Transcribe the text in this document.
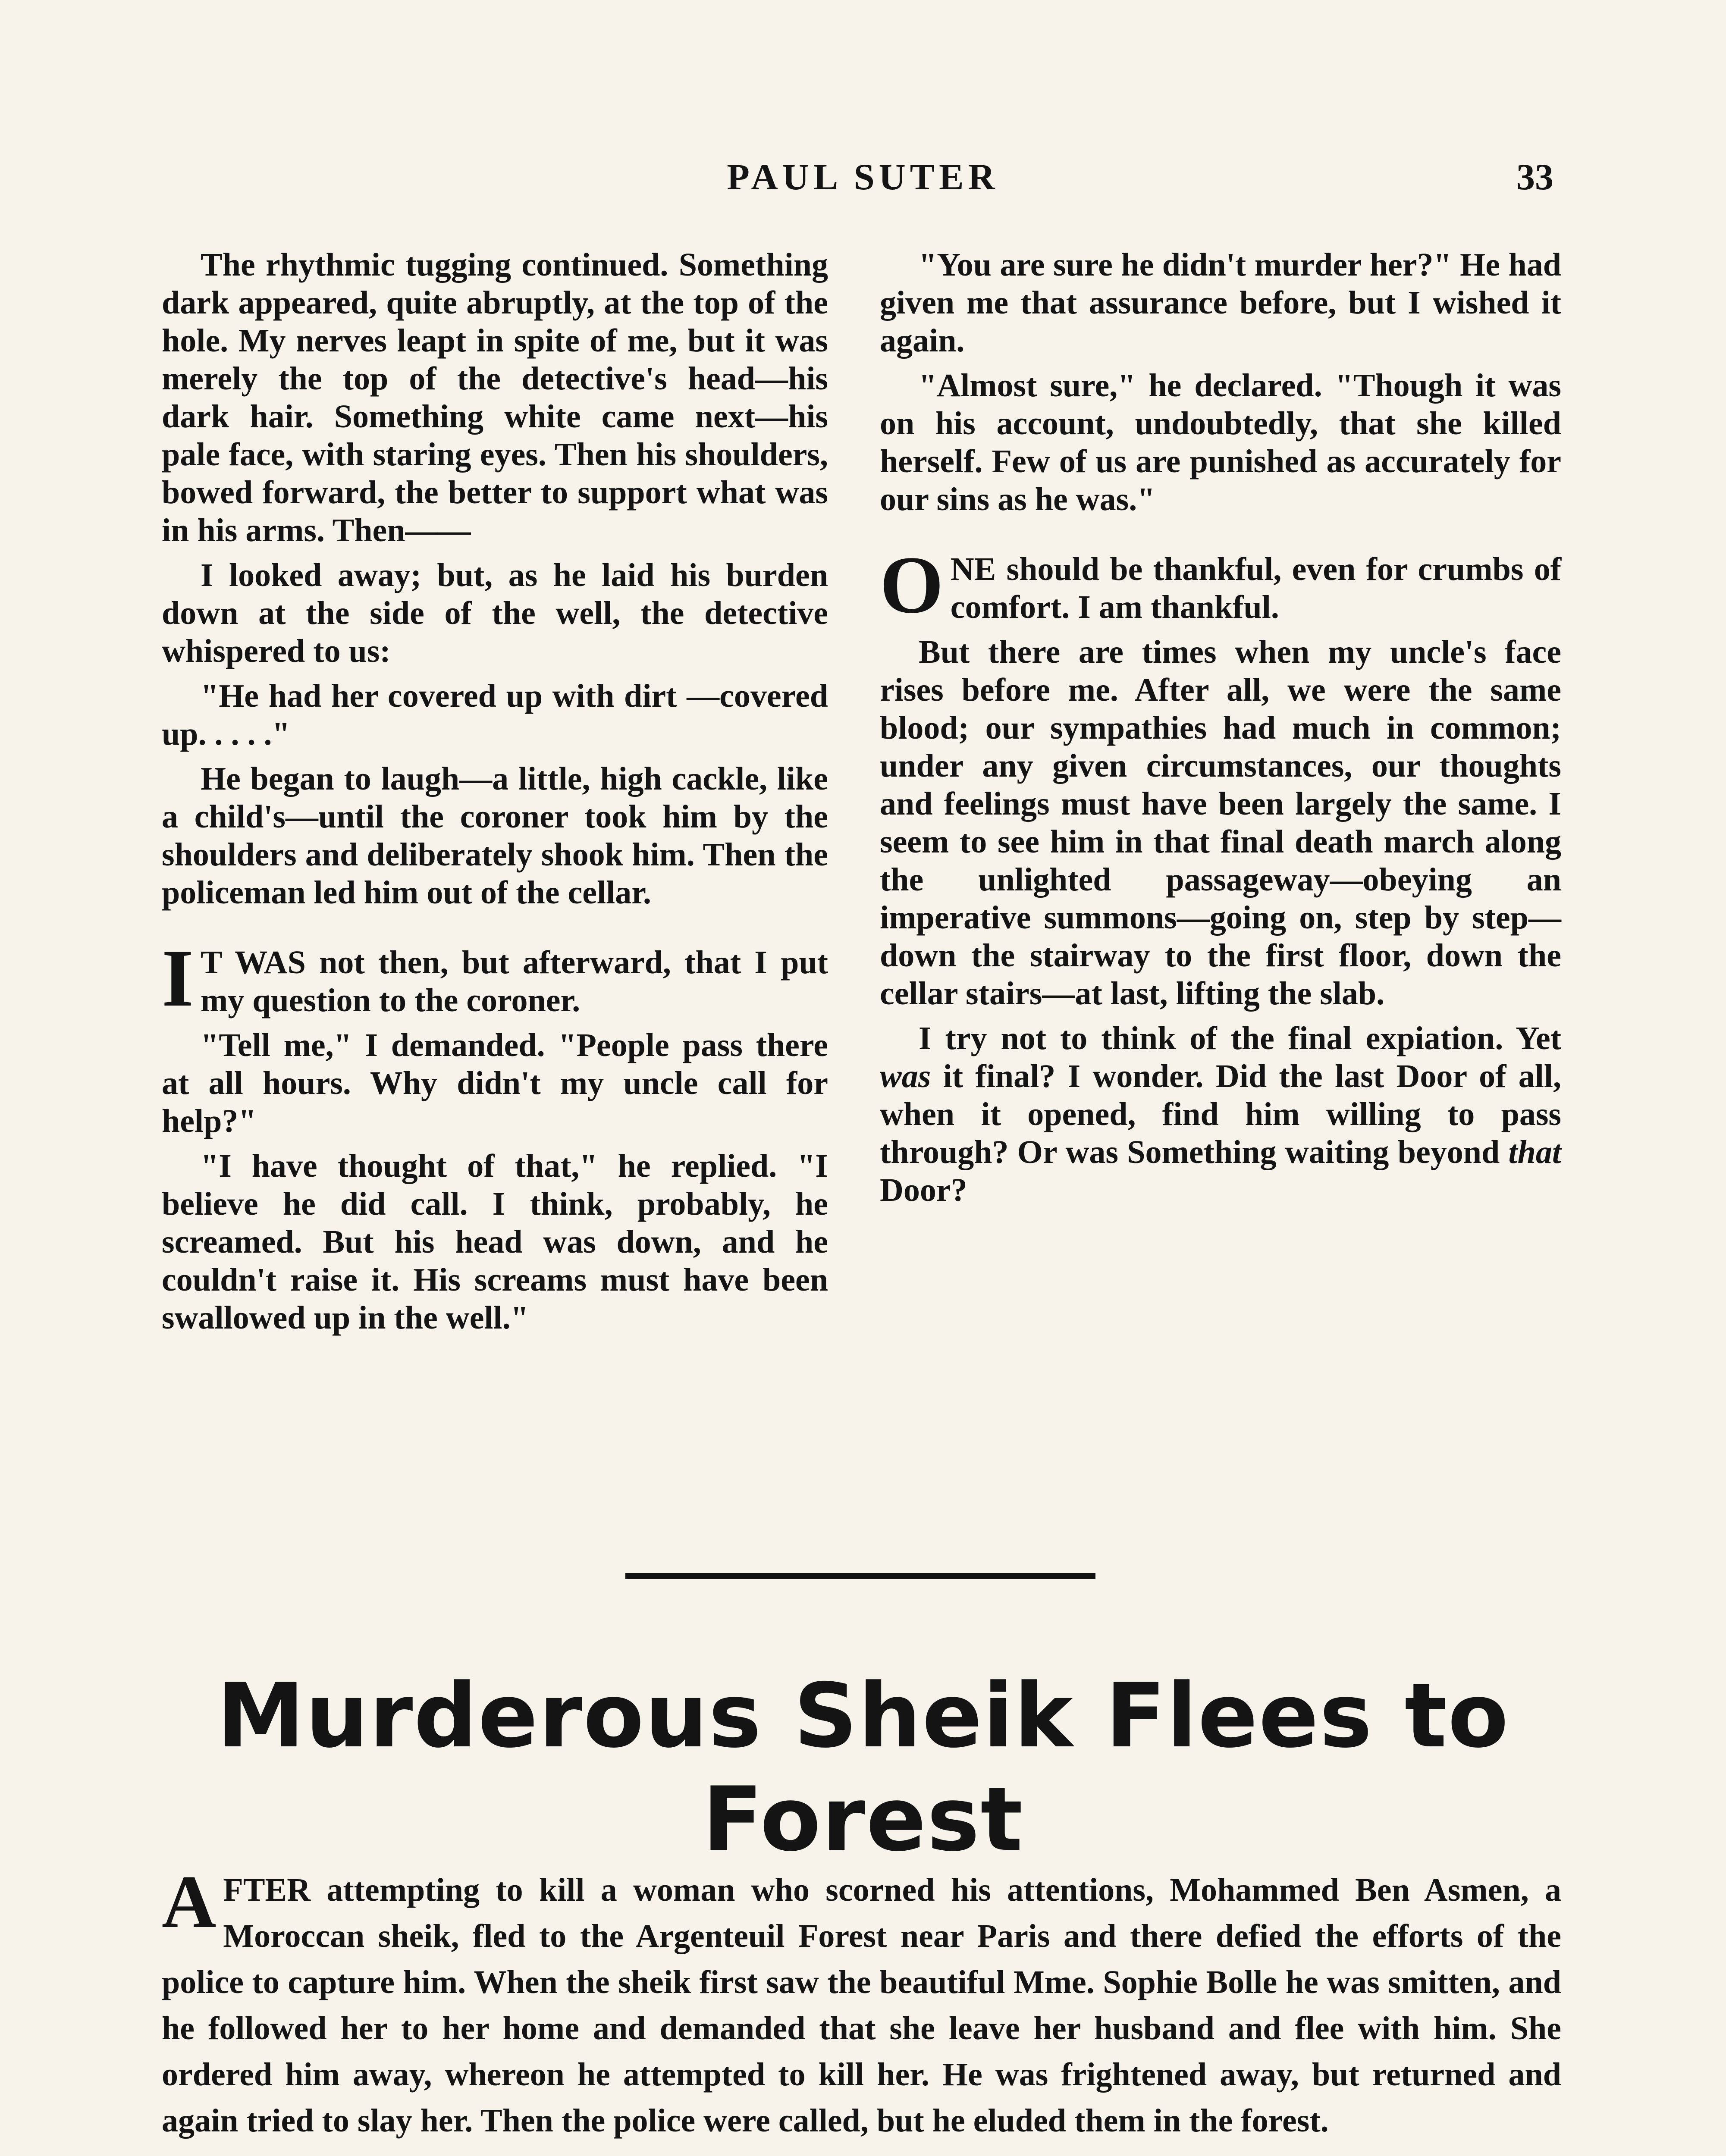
PAUL SUTER	33

The rhythmic tugging continued. Something dark appeared, quite abruptly, at the top of the hole. My nerves leapt in spite of me, but it was merely the top of the detective's head—his dark hair. Something white came next—his pale face, with staring eyes. Then his shoulders, bowed forward, the better to support what was in his arms. Then——

I looked away; but, as he laid his burden down at the side of the well, the detective whispered to us:

"He had her covered up with dirt —covered up. . . . ."

He began to laugh—a little, high cackle, like a child's—until the coroner took him by the shoulders and deliberately shook him. Then the policeman led him out of the cellar.

I T WAS not then, but afterward, that I put my question to the coroner.

"Tell me," I demanded. "People pass there at all hours. Why didn't my uncle call for help?"

"I have thought of that," he replied. "I believe he did call. I think, probably, he screamed. But his head was down, and he couldn't raise it. His screams must have been swallowed up in the well."

"You are sure he didn't murder her?" He had given me that assurance before, but I wished it again.

"Almost sure," he declared. "Though it was on his account, undoubtedly, that she killed herself. Few of us are punished as accurately for our sins as he was."

ONE should be thankful, even for crumbs of comfort. I am thankful.

But there are times when my uncle's face rises before me. After all, we were the same blood; our sympathies had much in common; under any given circumstances, our thoughts and feelings must have been largely the same. I seem to see him in that final death march along the unlighted passageway—obeying an imperative summons—going on, step by step—down the stairway to the first floor, down the cellar stairs—at last, lifting the slab.

I try not to think of the final expiation. Yet was it final? I wonder. Did the last Door of all, when it opened, find him willing to pass through? Or was Something waiting beyond that Door?

Murderous Sheik Flees to Forest
AFTER attempting to kill a woman who scorned his attentions, Mohammed Ben Asmen, a Moroccan sheik, fled to the Argenteuil Forest near Paris and there defied the efforts of the police to capture him. When the sheik first saw the beautiful Mme. Sophie Bolle he was smitten, and he followed her to her home and demanded that she leave her husband and flee with him. She ordered him away, whereon he attempted to kill her. He was frightened away, but returned and again tried to slay her. Then the police were called, but he eluded them in the forest.
